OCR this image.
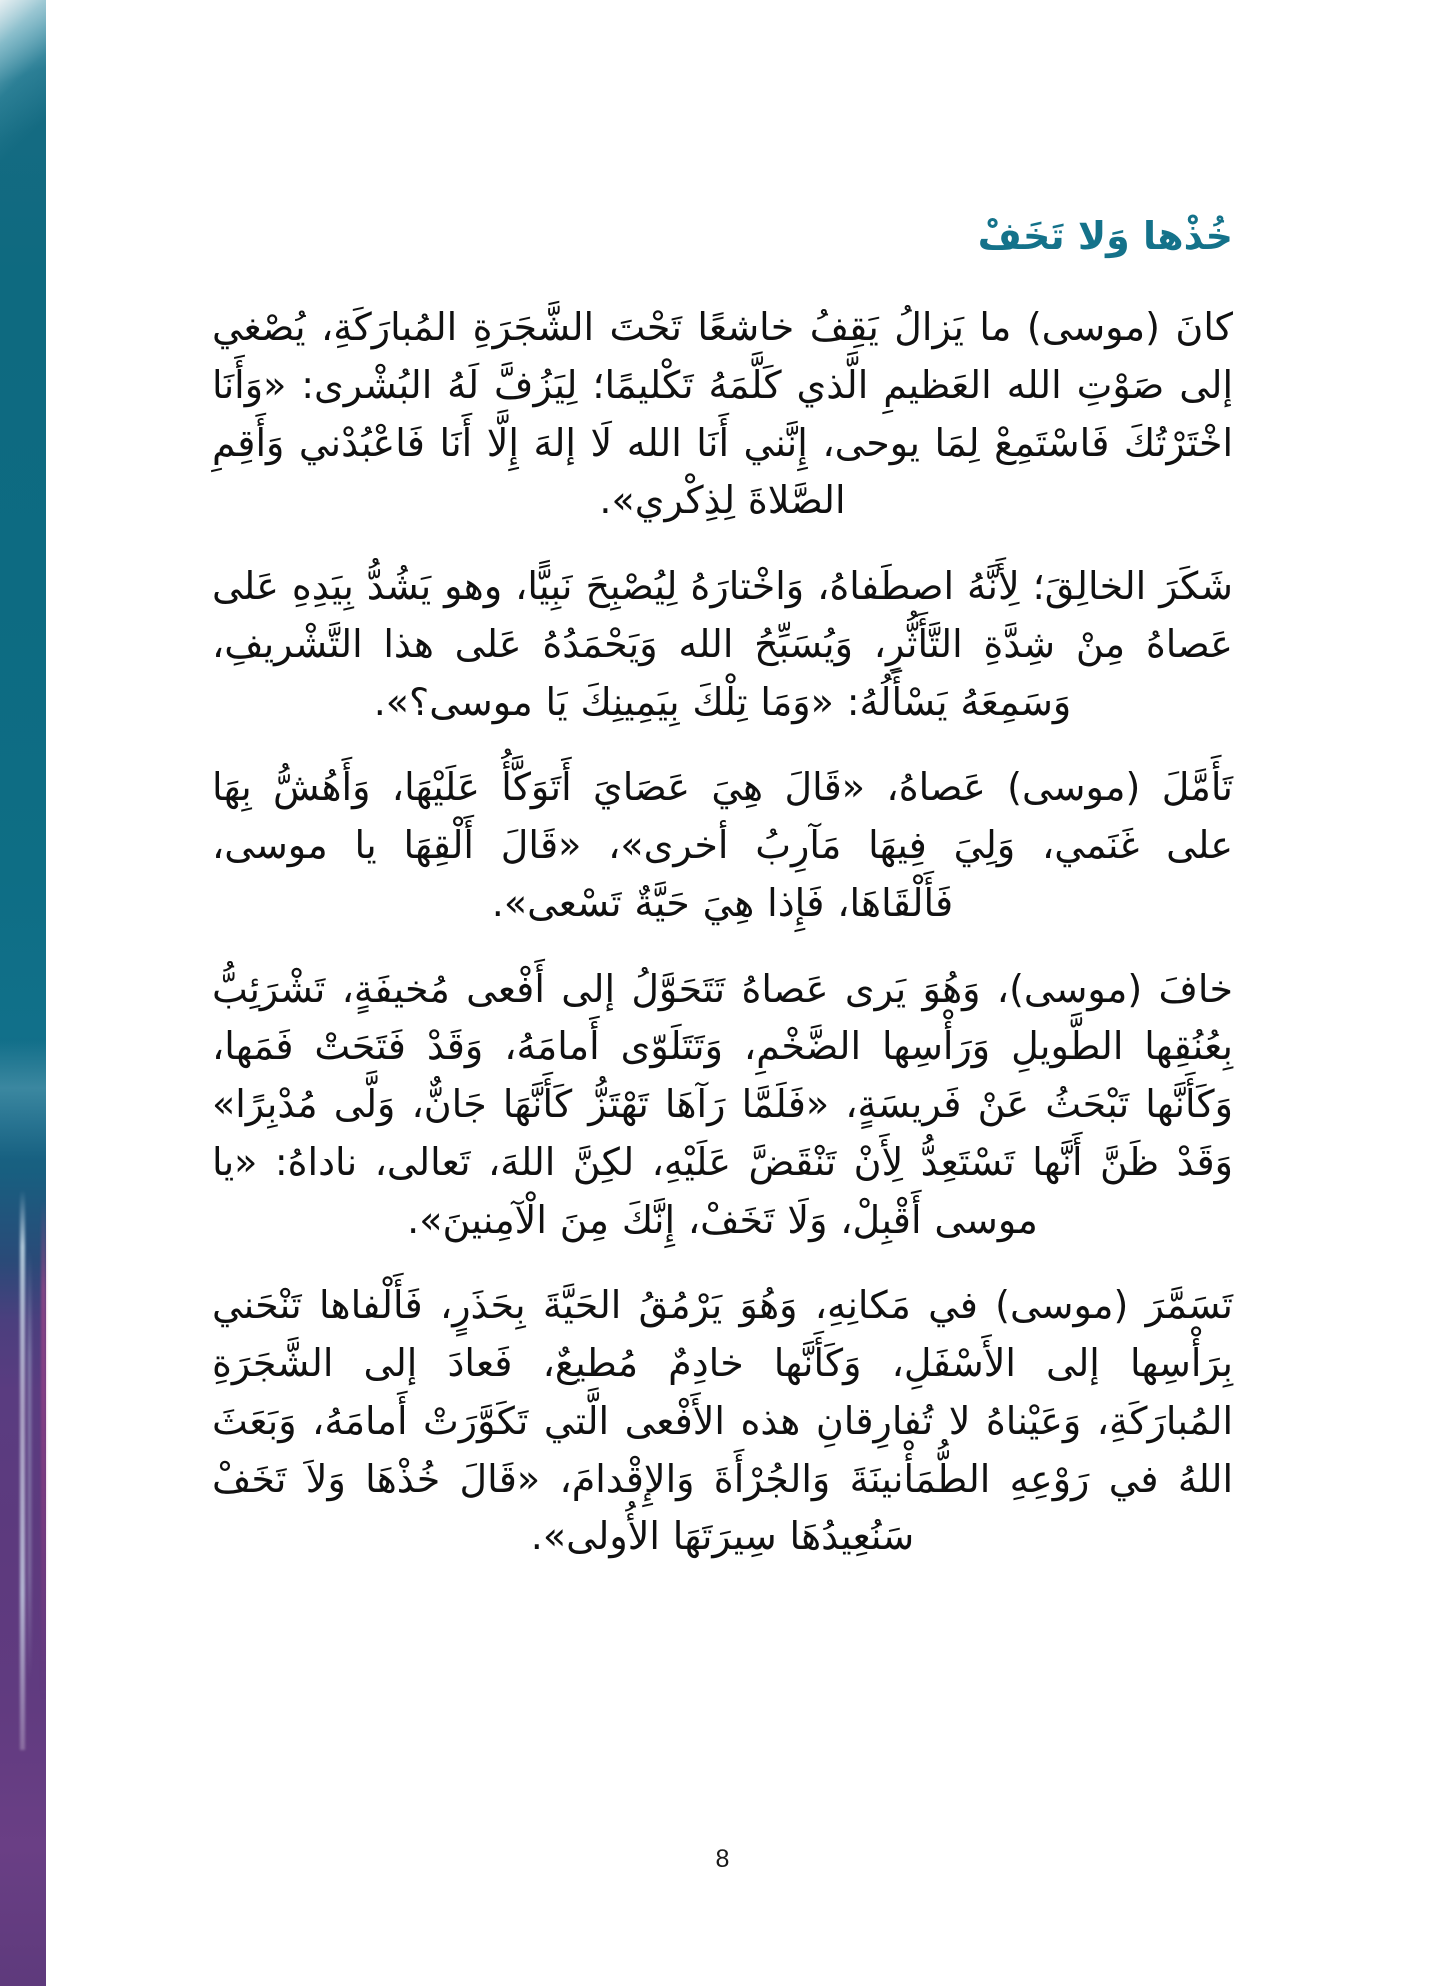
خُذْها وَلا تَخَفْ

كانَ (موسى) ما يَزالُ يَقِفُ خاشعًا تَحْتَ الشَّجَرَةِ المُبارَكَةِ، يُصْغي إلى صَوْتِ الله العَظيمِ الَّذي كَلَّمَهُ تَكْليمًا؛ لِيَزُفَّ لَهُ البُشْرى: «وَأَنَا اخْتَرْتُكَ فَاسْتَمِعْ لِمَا يوحى، إِنَّني أَنَا الله لَا إلهَ إِلَّا أَنَا فَاعْبُدْني وَأَقِمِ الصَّلاةَ لِذِكْري».

شَكَرَ الخالِقَ؛ لِأَنَّهُ اصطَفاهُ، وَاخْتارَهُ لِيُصْبِحَ نَبِيًّا، وهو يَشُدُّ بِيَدِهِ عَلى عَصاهُ مِنْ شِدَّةِ التَّأَثُّرِ، وَيُسَبِّحُ الله وَيَحْمَدُهُ عَلى هذا التَّشْريفِ، وَسَمِعَهُ يَسْأَلُهُ: «وَمَا تِلْكَ بِيَمِينِكَ يَا موسى؟».

تَأَمَّلَ (موسى) عَصاهُ، «قَالَ هِيَ عَصَايَ أَتَوَكَّأُ عَلَيْهَا، وَأَهُشُّ بِهَا على غَنَمي، وَلِيَ فِيهَا مَآرِبُ أخرى»، «قَالَ أَلْقِهَا يا موسى، فَأَلْقَاهَا، فَإِذا هِيَ حَيَّةٌ تَسْعى».

خافَ (موسى)، وَهُوَ يَرى عَصاهُ تَتَحَوَّلُ إلى أَفْعى مُخيفَةٍ، تَشْرَئِبُّ بِعُنُقِها الطَّويلِ وَرَأْسِها الضَّخْمِ، وَتَتَلَوّى أَمامَهُ، وَقَدْ فَتَحَتْ فَمَها، وَكَأَنَّها تَبْحَثُ عَنْ فَريسَةٍ، «فَلَمَّا رَآهَا تَهْتَزُّ كَأَنَّهَا جَانٌّ، وَلَّى مُدْبِرًا» وَقَدْ ظَنَّ أَنَّها تَسْتَعِدُّ لِأَنْ تَنْقَضَّ عَلَيْهِ، لكِنَّ اللهَ، تَعالى، ناداهُ: «يا موسى أَقْبِلْ، وَلَا تَخَفْ، إِنَّكَ مِنَ الْآمِنينَ».

تَسَمَّرَ (موسى) في مَكانِهِ، وَهُوَ يَرْمُقُ الحَيَّةَ بِحَذَرٍ، فَأَلْفاها تَنْحَني بِرَأْسِها إلى الأَسْفَلِ، وَكَأَنَّها خادِمٌ مُطيعٌ، فَعادَ إلى الشَّجَرَةِ المُبارَكَةِ، وَعَيْناهُ لا تُفارِقانِ هذه الأَفْعى الَّتي تَكَوَّرَتْ أَمامَهُ، وَبَعَثَ اللهُ في رَوْعِهِ الطُّمَأْنينَةَ وَالجُرْأَةَ وَالإِقْدامَ، «قَالَ خُذْهَا وَلاَ تَخَفْ سَنُعِيدُهَا سِيرَتَهَا الأُولى».

8
